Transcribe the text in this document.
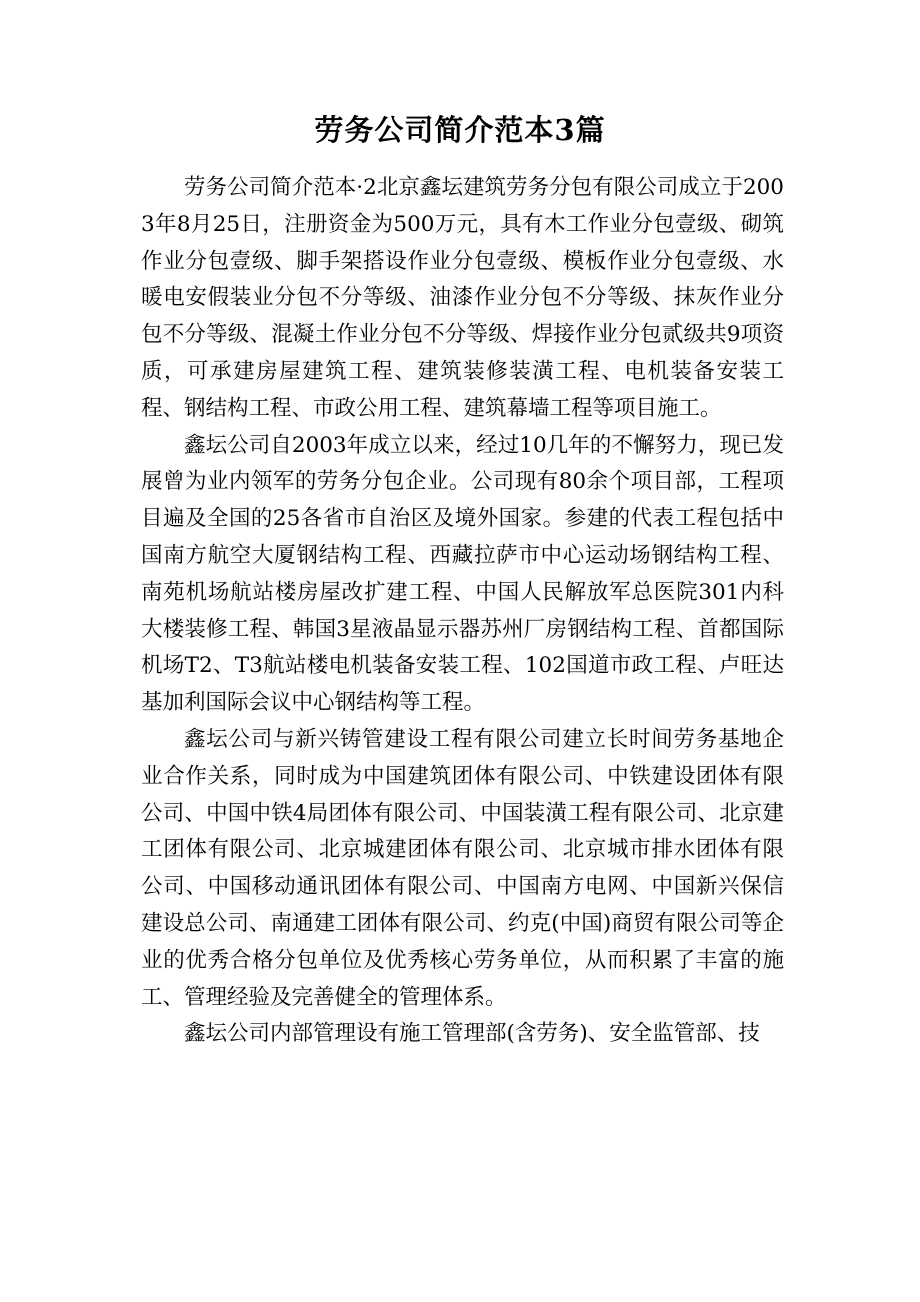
劳务公司简介范本3篇

劳务公司简介范本·2北京鑫坛建筑劳务分包有限公司成立于2003年8月25日，注册资金为500万元，具有木工作业分包壹级、砌筑作业分包壹级、脚手架搭设作业分包壹级、模板作业分包壹级、水暖电安假装业分包不分等级、油漆作业分包不分等级、抹灰作业分包不分等级、混凝土作业分包不分等级、焊接作业分包贰级共9项资质，可承建房屋建筑工程、建筑装修装潢工程、电机装备安装工程、钢结构工程、市政公用工程、建筑幕墙工程等项目施工。

鑫坛公司自2003年成立以来，经过10几年的不懈努力，现已发展曾为业内领军的劳务分包企业。公司现有80余个项目部，工程项目遍及全国的25各省市自治区及境外国家。参建的代表工程包括中国南方航空大厦钢结构工程、西藏拉萨市中心运动场钢结构工程、南苑机场航站楼房屋改扩建工程、中国人民解放军总医院301内科大楼装修工程、韩国3星液晶显示器苏州厂房钢结构工程、首都国际机场T2、T3航站楼电机装备安装工程、102国道市政工程、卢旺达基加利国际会议中心钢结构等工程。

鑫坛公司与新兴铸管建设工程有限公司建立长时间劳务基地企业合作关系，同时成为中国建筑团体有限公司、中铁建设团体有限公司、中国中铁4局团体有限公司、中国装潢工程有限公司、北京建工团体有限公司、北京城建团体有限公司、北京城市排水团体有限公司、中国移动通讯团体有限公司、中国南方电网、中国新兴保信建设总公司、南通建工团体有限公司、约克(中国)商贸有限公司等企业的优秀合格分包单位及优秀核心劳务单位，从而积累了丰富的施工、管理经验及完善健全的管理体系。

鑫坛公司内部管理设有施工管理部(含劳务)、安全监管部、技
